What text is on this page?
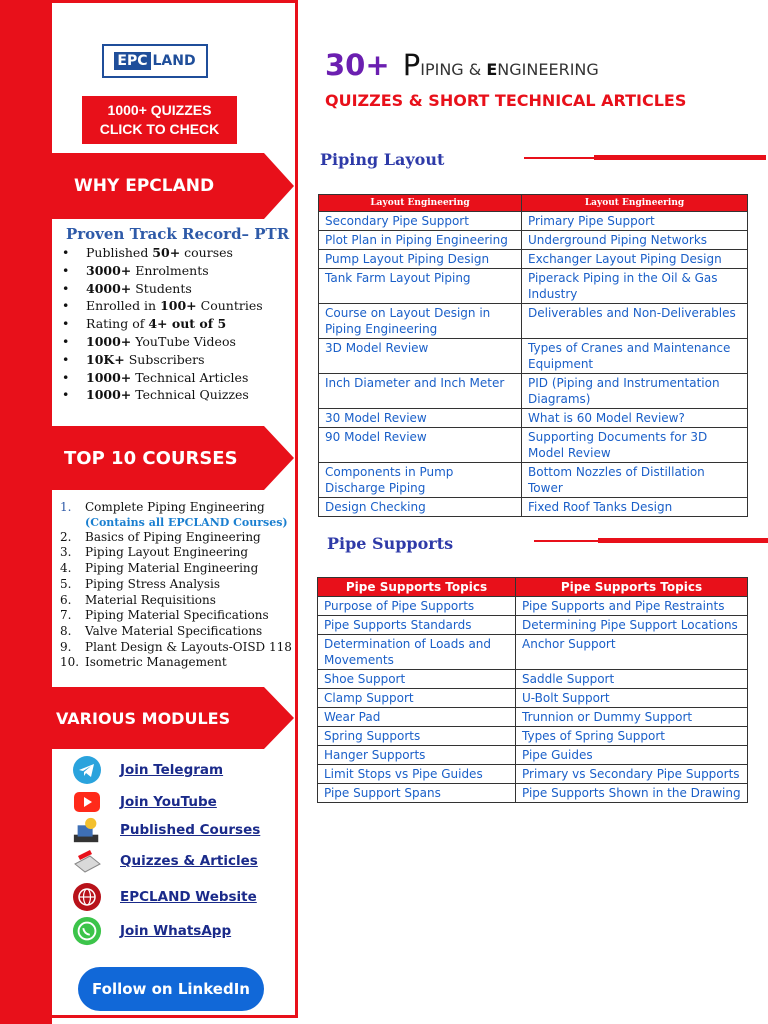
EPC LAND
1000+ QUIZZES
CLICK TO CHECK
WHY EPCLAND
Proven Track Record– PTR
• Published 50+ courses
• 3000+ Enrolments
• 4000+ Students
• Enrolled in 100+ Countries
• Rating of 4+ out of 5
• 1000+ YouTube Videos
• 10K+ Subscribers
• 1000+ Technical Articles
• 1000+ Technical Quizzes
TOP 10 COURSES
1. Complete Piping Engineering
(Contains all EPCLAND Courses)
2. Basics of Piping Engineering
3. Piping Layout Engineering
4. Piping Material Engineering
5. Piping Stress Analysis
6. Material Requisitions
7. Piping Material Specifications
8. Valve Material Specifications
9. Plant Design & Layouts-OISD 118
10. Isometric Management
VARIOUS MODULES
Join Telegram
Join YouTube
Published Courses
Quizzes & Articles
EPCLAND Website
Join WhatsApp
Follow on LinkedIn
30+ PIPING & ENGINEERING
QUIZZES & SHORT TECHNICAL ARTICLES
Piping Layout
Layout Engineering	Layout Engineering
Secondary Pipe Support	Primary Pipe Support
Plot Plan in Piping Engineering	Underground Piping Networks
Pump Layout Piping Design	Exchanger Layout Piping Design
Tank Farm Layout Piping	Piperack Piping in the Oil & Gas Industry
Course on Layout Design in Piping Engineering	Deliverables and Non-Deliverables
3D Model Review	Types of Cranes and Maintenance Equipment
Inch Diameter and Inch Meter	PID (Piping and Instrumentation Diagrams)
30 Model Review	What is 60 Model Review?
90 Model Review	Supporting Documents for 3D Model Review
Components in Pump Discharge Piping	Bottom Nozzles of Distillation Tower
Design Checking	Fixed Roof Tanks Design
Pipe Supports
Pipe Supports Topics	Pipe Supports Topics
Purpose of Pipe Supports	Pipe Supports and Pipe Restraints
Pipe Supports Standards	Determining Pipe Support Locations
Determination of Loads and Movements	Anchor Support
Shoe Support	Saddle Support
Clamp Support	U-Bolt Support
Wear Pad	Trunnion or Dummy Support
Spring Supports	Types of Spring Support
Hanger Supports	Pipe Guides
Limit Stops vs Pipe Guides	Primary vs Secondary Pipe Supports
Pipe Support Spans	Pipe Supports Shown in the Drawing
